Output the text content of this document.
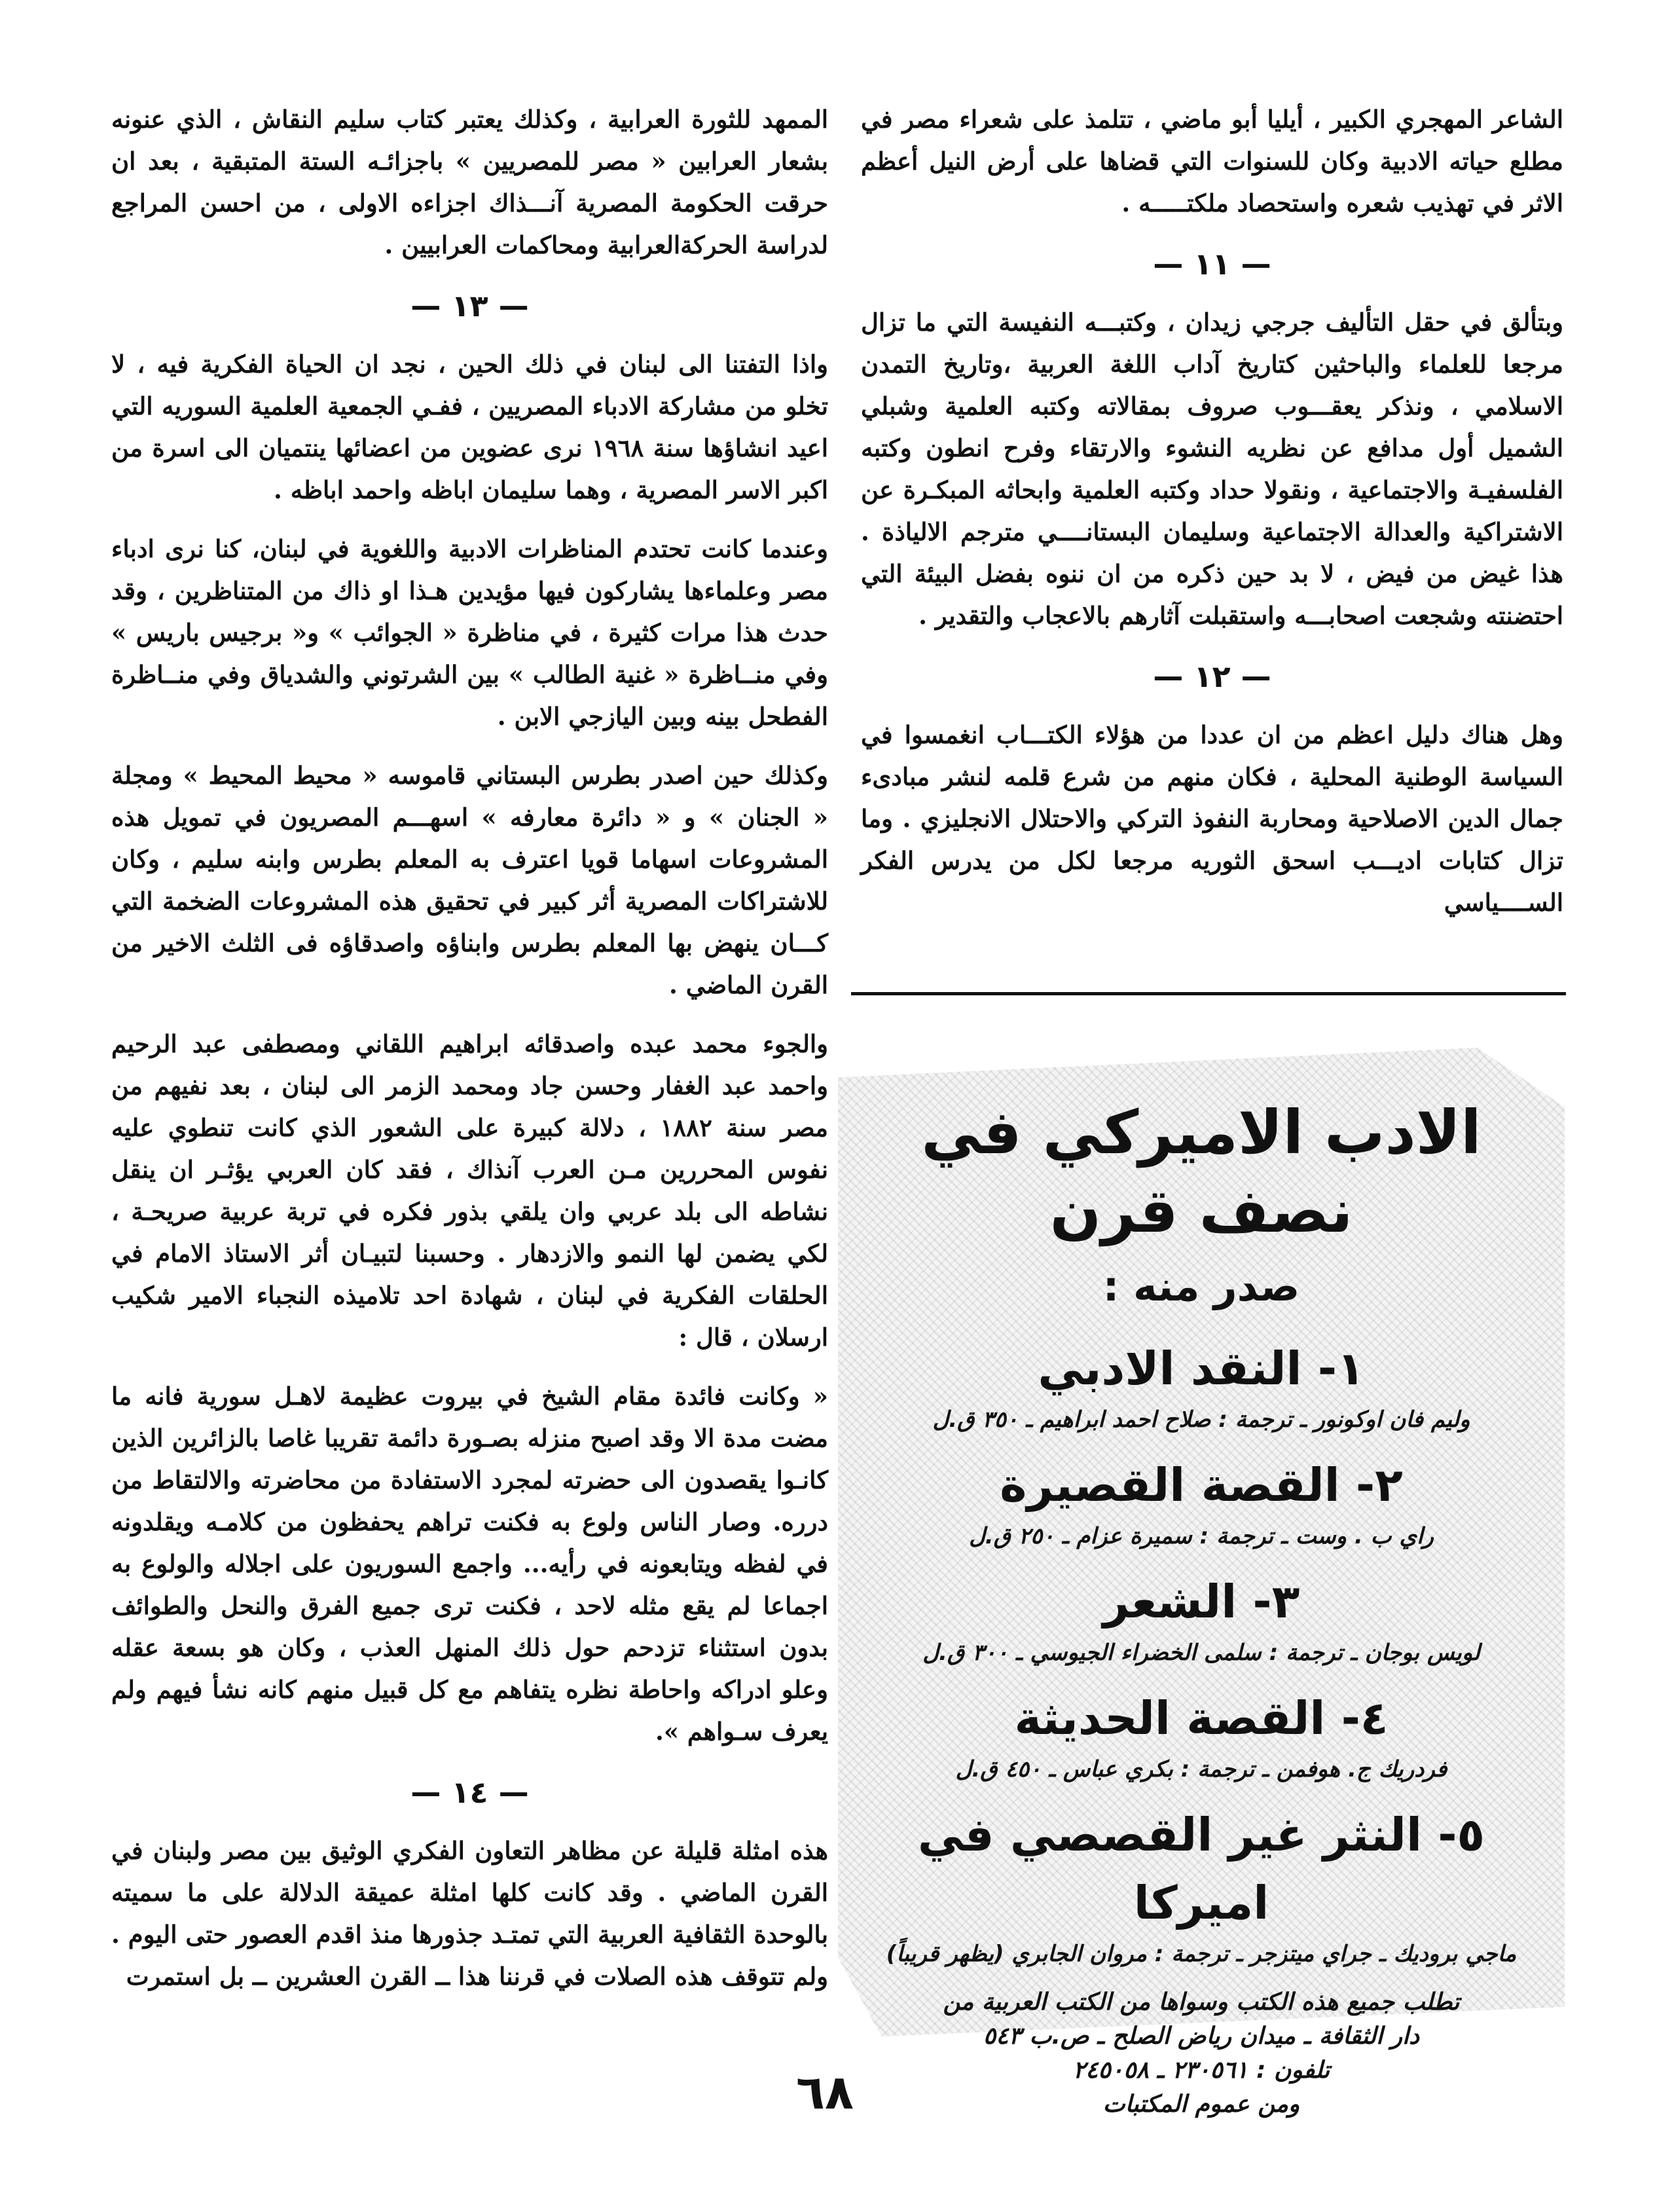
الشاعر المهجري الكبير ، أيليا أبو ماضي ، تتلمذ على شعراء مصر في مطلع حياته الادبية وكان للسنوات التي قضاها على أرض النيل أعظم الاثر في تهذيب شعره واستحصاد ملكتـــــه .

— ١١ —

وبتألق في حقل التأليف جرجي زيدان ، وكتبـــه النفيسة التي ما تزال مرجعا للعلماء والباحثين كتاريخ آداب اللغة العربية ،وتاريخ التمدن الاسلامي ، ونذكر يعقـــوب صروف بمقالاته وكتبه العلمية وشبلي الشميل أول مدافع عن نظريه النشوء والارتقاء وفرح انطون وكتبه الفلسفيـة والاجتماعية ، ونقولا حداد وكتبه العلمية وابحاثه المبكـرة عن الاشتراكية والعدالة الاجتماعية وسليمان البستانــــي مترجم الالياذة . هذا غيض من فيض ، لا بد حين ذكره من ان ننوه بفضل البيئة التي احتضنته وشجعت اصحابـــه واستقبلت آثارهم بالاعجاب والتقدير .

— ١٢ —

وهل هناك دليل اعظم من ان عددا من هؤلاء الكتـــاب انغمسوا في السياسة الوطنية المحلية ، فكان منهم من شرع قلمه لنشر مبادىء جمال الدين الاصلاحية ومحاربة النفوذ التركي والاحتلال الانجليزي . وما تزال كتابات اديـــب اسحق الثوريه مرجعا لكل من يدرس الفكر الســــياسي

الادب الاميركي في نصف قرن
صدر منه :
١- النقد الادبي
وليم فان اوكونور ـ ترجمة : صلاح احمد ابراهيم ـ ٣٥٠ ق.ل
٢- القصة القصيرة
راي ب . وست ـ ترجمة : سميرة عزام ـ ٢٥٠ ق.ل
٣- الشعر
لويس بوجان ـ ترجمة : سلمى الخضراء الجيوسي ـ ٣٠٠ ق.ل
٤- القصة الحديثة
فردريك ج. هوفمن ـ ترجمة : بكري عباس ـ ٤٥٠ ق.ل
٥- النثر غير القصصي في اميركا
ماجي بروديك ـ جراي ميتزجر ـ ترجمة : مروان الجابري (يظهر قريباً)
تطلب جميع هذه الكتب وسواها من الكتب العربية من
دار الثقافة ـ ميدان رياض الصلح ـ ص.ب ٥٤٣
تلفون : ٢٣٠٥٦١ ـ ٢٤٥٠٥٨
ومن عموم المكتبات

الممهد للثورة العرابية ، وكذلك يعتبر كتاب سليم النقاش ، الذي عنونه بشعار العرابين « مصر للمصريين » باجزائـه الستة المتبقية ، بعد ان حرقت الحكومة المصرية آنـــذاك اجزاءه الاولى ، من احسن المراجع لدراسة الحركةالعرابية ومحاكمات العرابيين .

— ١٣ —

واذا التفتنا الى لبنان في ذلك الحين ، نجد ان الحياة الفكرية فيه ، لا تخلو من مشاركة الادباء المصريين ، ففـي الجمعية العلمية السوريه التي اعيد انشاؤها سنة ١٩٦٨ نرى عضوين من اعضائها ينتميان الى اسرة من اكبر الاسر المصرية ، وهما سليمان اباظه واحمد اباظه .

وعندما كانت تحتدم المناظرات الادبية واللغوية في لبنان، كنا نرى ادباء مصر وعلماءها يشاركون فيها مؤيدين هـذا او ذاك من المتناظرين ، وقد حدث هذا مرات كثيرة ، في مناظرة « الجوائب » و« برجيس باريس » وفي منــاظرة « غنية الطالب » بين الشرتوني والشدياق وفي منــاظرة الفطحل بينه وبين اليازجي الابن .

وكذلك حين اصدر بطرس البستاني قاموسه « محيط المحيط » ومجلة « الجنان » و « دائرة معارفه » اسهـــم المصريون في تمويل هذه المشروعات اسهاما قويا اعترف به المعلم بطرس وابنه سليم ، وكان للاشتراكات المصرية أثر كبير في تحقيق هذه المشروعات الضخمة التي كـــان ينهض بها المعلم بطرس وابناؤه واصدقاؤه فى الثلث الاخير من القرن الماضي .

والجوء محمد عبده واصدقائه ابراهيم اللقاني ومصطفى عبد الرحيم واحمد عبد الغفار وحسن جاد ومحمد الزمر الى لبنان ، بعد نفيهم من مصر سنة ١٨٨٢ ، دلالة كبيرة على الشعور الذي كانت تنطوي عليه نفوس المحررين مـن العرب آنذاك ، فقد كان العربي يؤثـر ان ينقل نشاطه الى بلد عربي وان يلقي بذور فكره في تربة عربية صريحـة ، لكي يضمن لها النمو والازدهار . وحسبنا لتبيـان أثر الاستاذ الامام في الحلقات الفكرية في لبنان ، شهادة احد تلاميذه النجباء الامير شكيب ارسلان ، قال :

« وكانت فائدة مقام الشيخ في بيروت عظيمة لاهـل سورية فانه ما مضت مدة الا وقد اصبح منزله بصـورة دائمة تقريبا غاصا بالزائرين الذين كانـوا يقصدون الى حضرته لمجرد الاستفادة من محاضرته والالتقاط من درره. وصار الناس ولوع به فكنت تراهم يحفظون من كلامـه ويقلدونه في لفظه ويتابعونه في رأيه... واجمع السوريون على اجلاله والولوع به اجماعا لم يقع مثله لاحد ، فكنت ترى جميع الفرق والنحل والطوائف بدون استثناء تزدحم حول ذلك المنهل العذب ، وكان هو بسعة عقله وعلو ادراكه واحاطة نظره يتفاهم مع كل قبيل منهم كانه نشأ فيهم ولم يعرف سـواهم ».

— ١٤ —

هذه امثلة قليلة عن مظاهر التعاون الفكري الوثيق بين مصر ولبنان في القرن الماضي . وقد كانت كلها امثلة عميقة الدلالة على ما سميته بالوحدة الثقافية العربية التي تمتـد جذورها منذ اقدم العصور حتى اليوم . ولم تتوقف هذه الصلات في قرننا هذا ــ القرن العشرين ــ بل استمرت

٦٨
